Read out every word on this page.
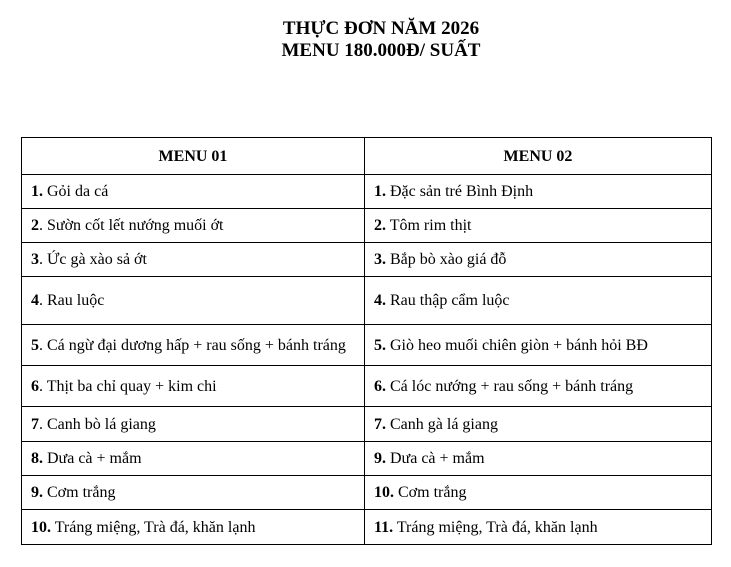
THỰC ĐƠN NĂM 2026
MENU 180.000Đ/ SUẤT
MENU 01	MENU 02
1. Gỏi da cá	1. Đặc sản tré Bình Định
2. Sườn cốt lết nướng muối ớt	2. Tôm rim thịt
3. Ức gà xào sả ớt	3. Bắp bò xào giá đỗ
4. Rau luộc	4. Rau thập cẩm luộc
5. Cá ngừ đại dương hấp + rau sống + bánh tráng	5. Giò heo muối chiên giòn + bánh hỏi BĐ
6. Thịt ba chỉ quay + kim chi	6. Cá lóc nướng + rau sống + bánh tráng
7. Canh bò lá giang	7. Canh gà lá giang
8. Dưa cà + mắm	9. Dưa cà + mắm
9. Cơm trắng	10. Cơm trắng
10. Tráng miệng, Trà đá, khăn lạnh	11. Tráng miệng, Trà đá, khăn lạnh
